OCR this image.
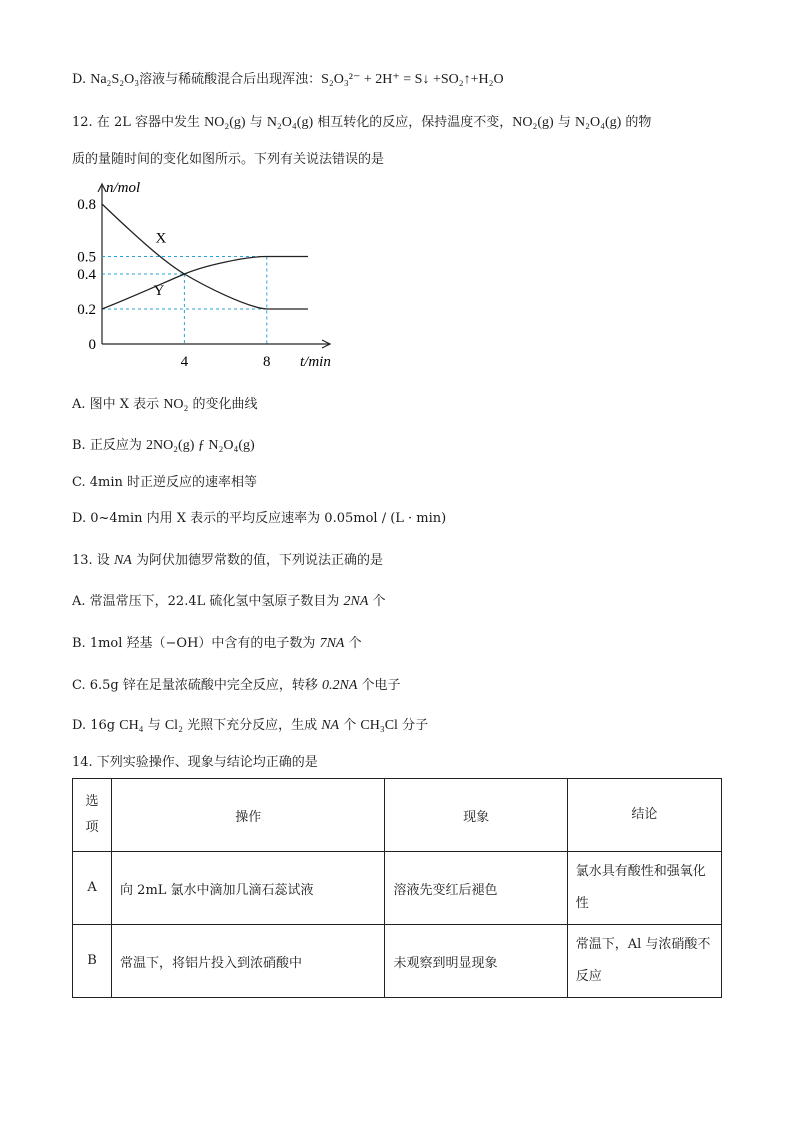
D. Na₂S₂O₃溶液与稀硫酸混合后出现浑浊：S₂O₃²⁻ + 2H⁺ = S↓ +SO₂↑+H₂O
12. 在 2L 容器中发生 NO₂(g) 与 N₂O₄(g) 相互转化的反应，保持温度不变，NO₂(g) 与 N₂O₄(g) 的物
质的量随时间的变化如图所示。下列有关说法错误的是
n/mol
t/min
0.8
0.5
0.4
0.2
0
4	8
X
Y
A. 图中 X 表示 NO₂ 的变化曲线
B. 正反应为 2NO₂(g) ƒ N₂O₄(g)
C. 4min 时正逆反应的速率相等
D. 0~4min 内用 X 表示的平均反应速率为 0.05mol / (L · min)
13. 设 NA 为阿伏加德罗常数的值，下列说法正确的是
A. 常温常压下，22.4L 硫化氢中氢原子数目为 2NA 个
B. 1mol 羟基（−OH）中含有的电子数为 7NA 个
C. 6.5g 锌在足量浓硫酸中完全反应，转移 0.2NA 个电子
D. 16g CH₄ 与 Cl₂ 光照下充分反应，生成 NA 个 CH₃Cl 分子
14. 下列实验操作、现象与结论均正确的是
选
项	操作	现象	结论
A	向 2mL 氯水中滴加几滴石蕊试液	溶液先变红后褪色	氯水具有酸性和强氧化性
B	常温下，将铝片投入到浓硝酸中	未观察到明显现象	常温下，Al 与浓硝酸不反应
